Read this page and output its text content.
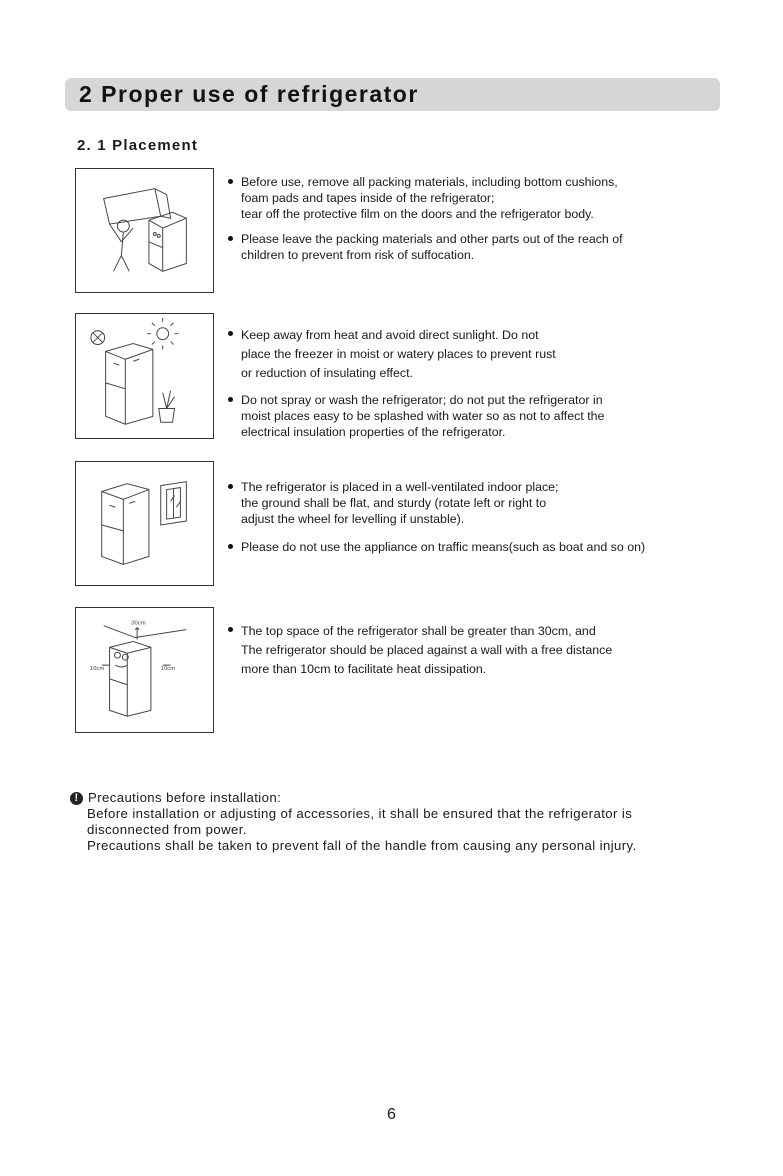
2 Proper use of refrigerator
2. 1 Placement
Before use, remove all packing materials, including bottom cushions,
foam pads and tapes inside of the refrigerator;
tear off the protective film on the doors and the refrigerator body.
Please leave the packing materials and other parts out of the reach of
children to prevent from risk of suffocation.
Keep away from heat and avoid direct sunlight. Do not
place the freezer in moist or watery places to prevent rust
or reduction of insulating effect.
Do not spray or wash the refrigerator; do not put the refrigerator in
moist places easy to be splashed with water so as not to affect the
electrical insulation properties of the refrigerator.
The refrigerator is placed in a well-ventilated indoor place;
the ground shall be flat, and sturdy (rotate left or right to
adjust the wheel for levelling if unstable).
Please do not use the appliance on traffic means(such as boat and so on)
30cm
10cm	10cm
The top space of the refrigerator shall be greater than 30cm, and
The refrigerator should be placed against a wall with a free distance
more than 10cm to facilitate heat dissipation.
! Precautions before installation:
Before installation or adjusting of accessories, it shall be ensured that the refrigerator is
disconnected from power.
Precautions shall be taken to prevent fall of the handle from causing any personal injury.
6
